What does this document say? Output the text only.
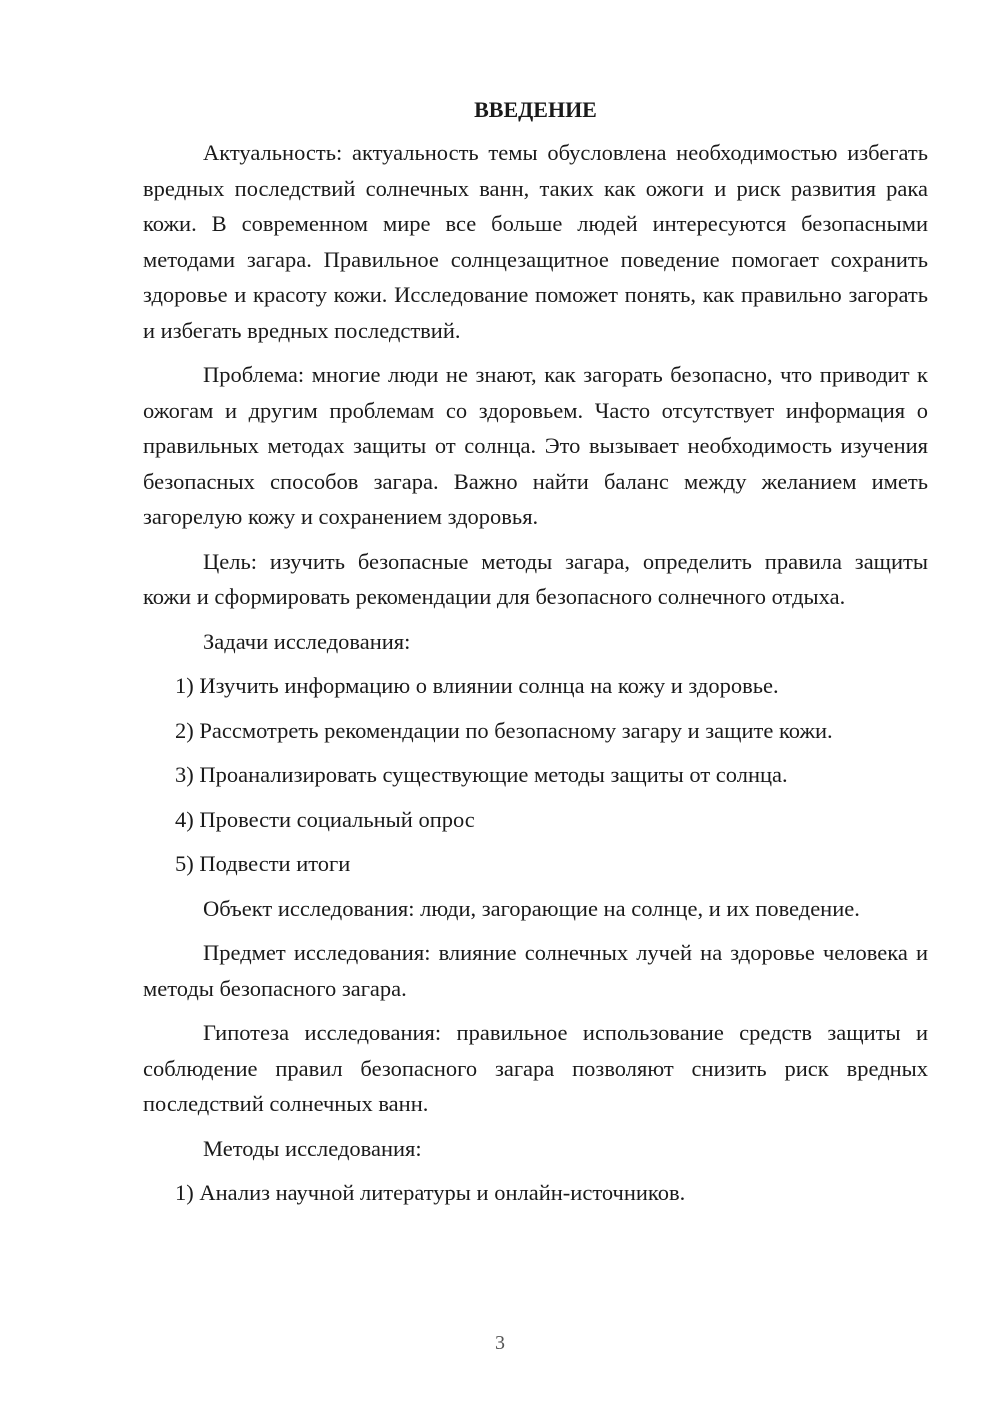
ВВЕДЕНИЕ

Актуальность: актуальность темы обусловлена необходимостью избегать вредных последствий солнечных ванн, таких как ожоги и риск развития рака кожи. В современном мире все больше людей интересуются безопасными методами загара. Правильное солнцезащитное поведение помогает сохранить здоровье и красоту кожи. Исследование поможет понять, как правильно загорать и избегать вредных последствий.

Проблема: многие люди не знают, как загорать безопасно, что приводит к ожогам и другим проблемам со здоровьем. Часто отсутствует информация о правильных методах защиты от солнца. Это вызывает необходимость изучения безопасных способов загара. Важно найти баланс между желанием иметь загорелую кожу и сохранением здоровья.

Цель: изучить безопасные методы загара, определить правила защиты кожи и сформировать рекомендации для безопасного солнечного отдыха.

Задачи исследования:

1) Изучить информацию о влиянии солнца на кожу и здоровье.

2) Рассмотреть рекомендации по безопасному загару и защите кожи.

3) Проанализировать существующие методы защиты от солнца.

4) Провести социальный опрос

5) Подвести итоги

Объект исследования: люди, загорающие на солнце, и их поведение.

Предмет исследования: влияние солнечных лучей на здоровье человека и методы безопасного загара.

Гипотеза исследования: правильное использование средств защиты и соблюдение правил безопасного загара позволяют снизить риск вредных последствий солнечных ванн.

Методы исследования:

1) Анализ научной литературы и онлайн-источников.

3
